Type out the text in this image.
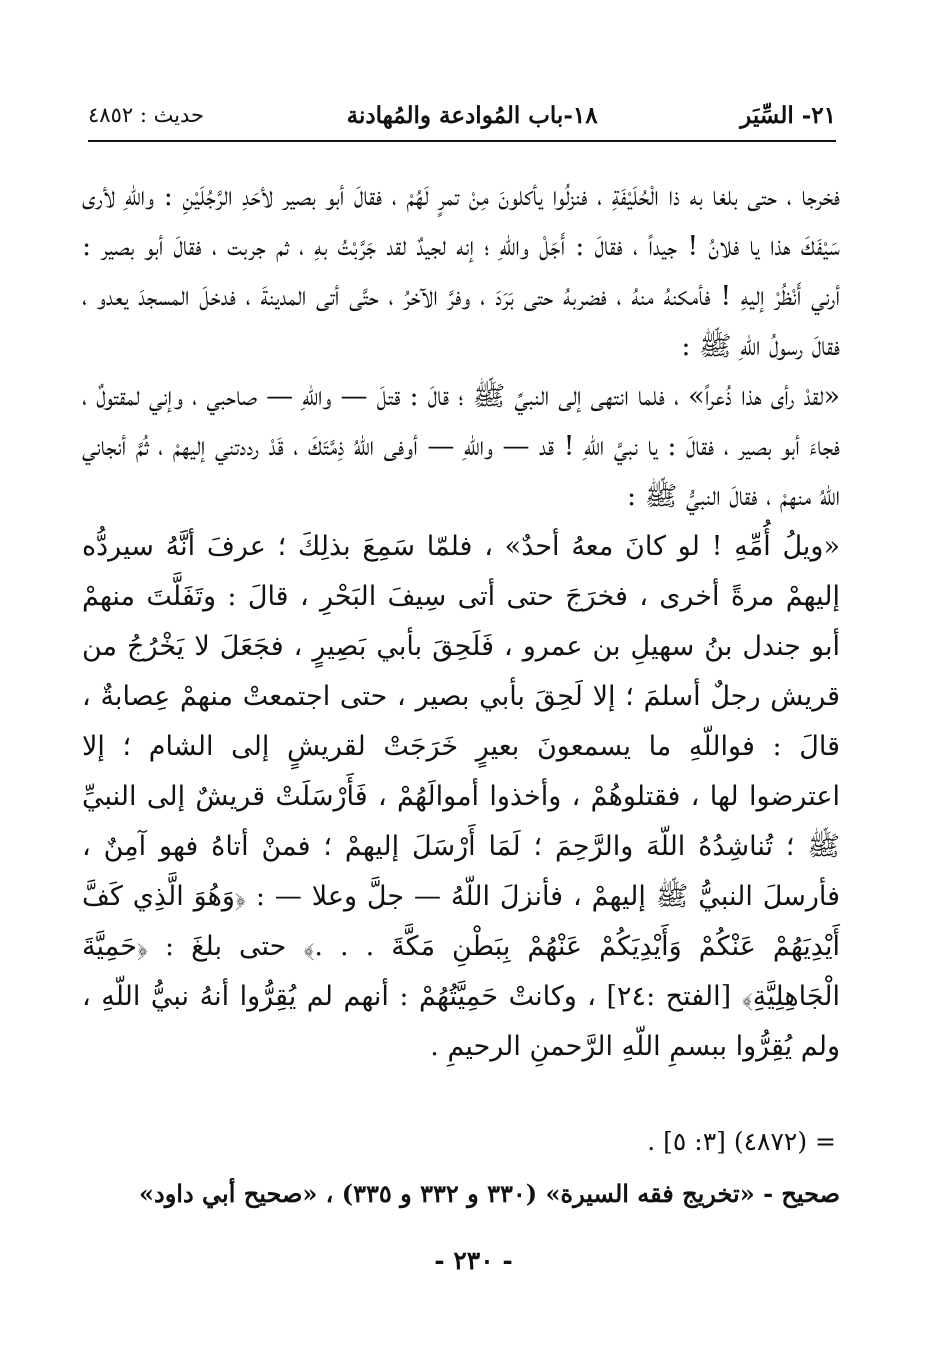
٢١- السِّيَر
١٨-باب المُوادعة والمُهادنة
حديث : ٤٨٥٢

فخرجا ، حتى بلغا به ذا الْحُلَيْفَةِ ، فنزلُوا يأكلونَ مِنْ تمرٍ لَهُمْ ، فقالَ أبو بصير لأحَدِ الرَّجُلَيْنِ : واللّهِ لأرى سَيْفَكَ هذا يا فلانُ ! جيداً ، فقالَ : أَجَلْ واللّهِ ؛ إنه لجيدٌ لقد جَرَّبْتُ بهِ ، ثم جربت ، فقالَ أبو بصير : أرني أَنْظُرْ إليهِ ! فأمكنهُ منهُ ، فضربهُ حتى بَرَدَ ، وفرَّ الآخرُ ، حتَّى أتى المدينةَ ، فدخلَ المسجدَ يعدو ، فقالَ رسولُ اللّهِ ﷺ :

«لقدْ رأى هذا ذُعراً» ، فلما انتهى إلى النبيِّ ﷺ ؛ قالَ : قتلَ — واللّهِ — صاحبي ، وإني لمقتولٌ ، فجاءَ أبو بصير ، فقالَ : يا نبيَّ اللّهِ ! قد — واللّهِ — أوفى اللّهُ ذِمَّتَكَ ، قَدْ رددتني إليهمْ ، ثُمَّ أنجاني اللّهُ منهمْ ، فقالَ النبيُّ ﷺ :

«ويلُ أُمِّهِ ! لو كانَ معهُ أحدٌ» ، فلمّا سَمِعَ بذلِكَ ؛ عرفَ أنَّهُ سيردُّه إليهمْ مرةً أخرى ، فخرَجَ حتى أتى سِيفَ البَحْرِ ، قالَ : وتَفَلَّتَ منهمْ أبو جندل بنُ سهيلِ بن عمرو ، فَلَحِقَ بأبي بَصِيرٍ ، فجَعَلَ لا يَخْرُجُ من قريش رجلٌ أسلمَ ؛ إلا لَحِقَ بأبي بصير ، حتى اجتمعتْ منهمْ عِصابةٌ ، قالَ : فواللّهِ ما يسمعونَ بعيرٍ خَرَجَتْ لقريشٍ إلى الشام ؛ إلا اعترضوا لها ، فقتلوهُمْ ، وأخذوا أموالَهُمْ ، فَأَرْسَلَتْ قريشٌ إلى النبيِّ ﷺ ؛ تُناشِدُهُ اللّهَ والرَّحِمَ ؛ لَمَا أَرْسَلَ إليهمْ ؛ فمنْ أتاهُ فهو آمِنٌ ، فأرسلَ النبيُّ ﷺ إليهمْ ، فأنزلَ اللّهُ — جلَّ وعلا — : ﴿وَهُوَ الَّذِي كَفَّ أَيْدِيَهُمْ عَنْكُمْ وَأَيْدِيَكُمْ عَنْهُمْ بِبَطْنِ مَكَّةَ . . .﴾ حتى بلغَ : ﴿حَمِيَّةَ الْجَاهِلِيَّةِ﴾ [الفتح :٢٤] ، وكانتْ حَمِيَّتُهُمْ : أنهم لم يُقِرُّوا أنهُ نبيُّ اللّهِ ، ولم يُقِرُّوا ببسمِ اللّهِ الرَّحمنِ الرحيمِ .

= (٤٨٧٢) [٣: ٥] .
صحيح - «تخريج فقه السيرة» (٣٣٠ و ٣٣٢ و ٣٣٥) ، «صحيح أبي داود»
- ٢٣٠ -
